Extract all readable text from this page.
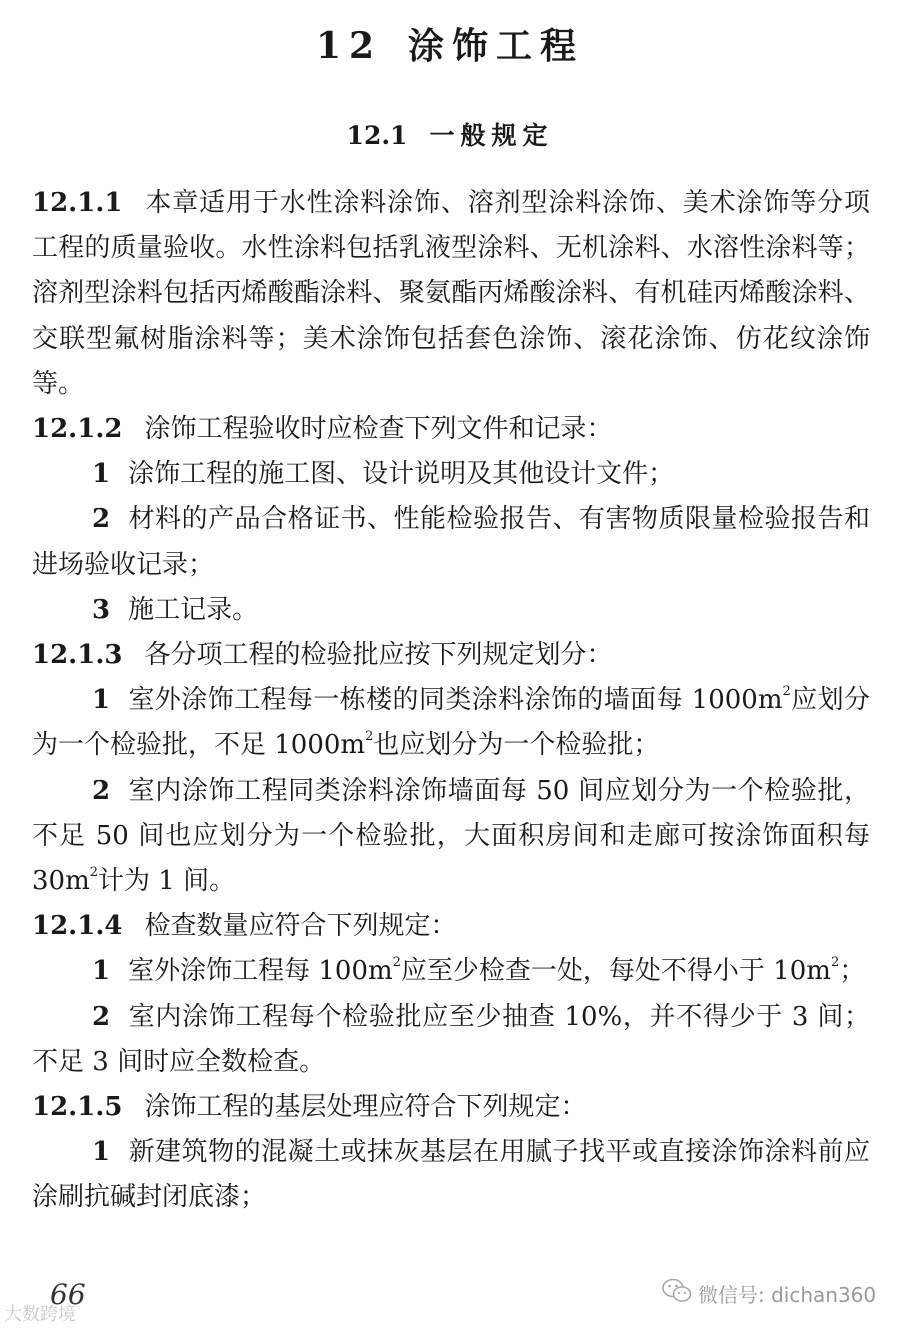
12 涂饰工程
12.1 一般规定

12.1.1 本章适用于水性涂料涂饰、溶剂型涂料涂饰、美术涂饰等分项工程的质量验收。水性涂料包括乳液型涂料、无机涂料、水溶性涂料等；溶剂型涂料包括丙烯酸酯涂料、聚氨酯丙烯酸涂料、有机硅丙烯酸涂料、交联型氟树脂涂料等；美术涂饰包括套色涂饰、滚花涂饰、仿花纹涂饰等。

12.1.2 涂饰工程验收时应检查下列文件和记录：

1 涂饰工程的施工图、设计说明及其他设计文件；

2 材料的产品合格证书、性能检验报告、有害物质限量检验报告和进场验收记录；

3 施工记录。

12.1.3 各分项工程的检验批应按下列规定划分：

1 室外涂饰工程每一栋楼的同类涂料涂饰的墙面每 $1000m^2$应划分为一个检验批，不足 $1000m^2$也应划分为一个检验批；

2 室内涂饰工程同类涂料涂饰墙面每 50 间应划分为一个检验批，不足 50 间也应划分为一个检验批，大面积房间和走廊可按涂饰面积每 $30m^2$计为 1 间。

12.1.4 检查数量应符合下列规定：

1 室外涂饰工程每 $100m^2$应至少检查一处，每处不得小于 $10m^2$；

2 室内涂饰工程每个检验批应至少抽查 10%，并不得少于 3 间；不足 3 间时应全数检查。

12.1.5 涂饰工程的基层处理应符合下列规定：

1 新建筑物的混凝土或抹灰基层在用腻子找平或直接涂饰涂料前应涂刷抗碱封闭底漆；

66
大数跨境
微信号: dichan360
